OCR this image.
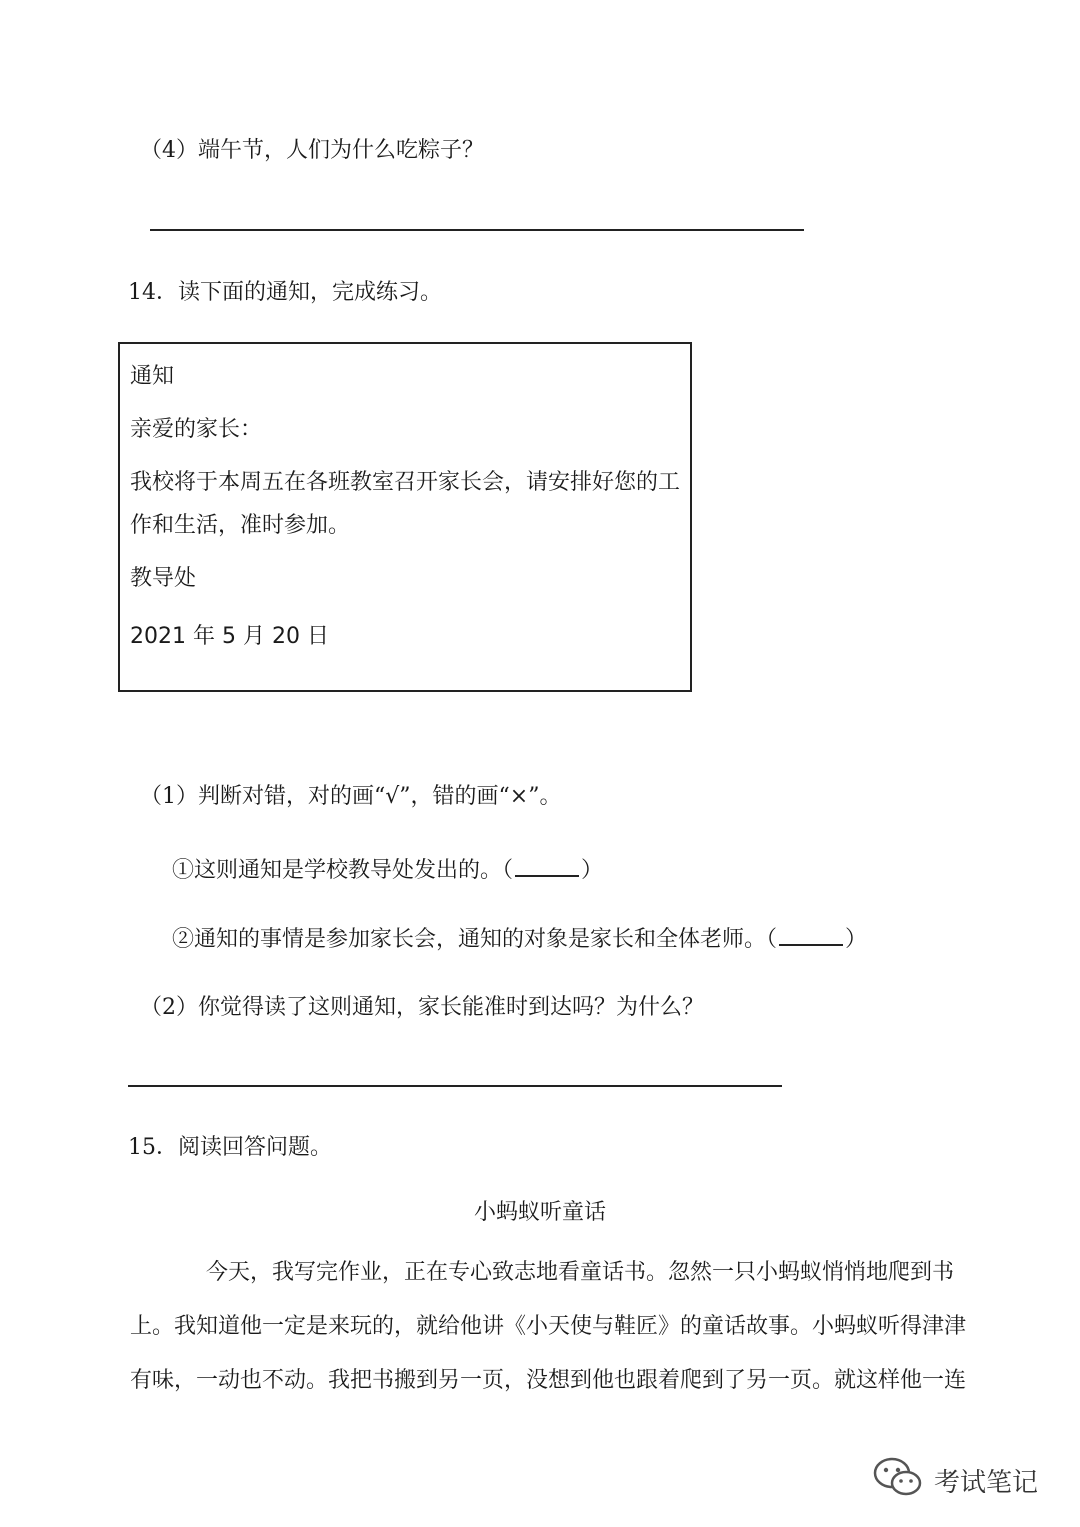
（4）端午节，人们为什么吃粽子？
14．读下面的通知，完成练习。
通知
亲爱的家长：
我校将于本周五在各班教室召开家长会，请安排好您的工
作和生活，准时参加。
教导处
2021 年 5 月 20 日
（1）判断对错，对的画“√”，错的画“×”。
①这则通知是学校教导处发出的。（	）
②通知的事情是参加家长会，通知的对象是家长和全体老师。（	）
（2）你觉得读了这则通知，家长能准时到达吗？为什么？
15．阅读回答问题。
小蚂蚁听童话
今天，我写完作业，正在专心致志地看童话书。忽然一只小蚂蚁悄悄地爬到书
上。我知道他一定是来玩的，就给他讲《小天使与鞋匠》的童话故事。小蚂蚁听得津津
有味，一动也不动。我把书搬到另一页，没想到他也跟着爬到了另一页。就这样他一连
考试笔记
